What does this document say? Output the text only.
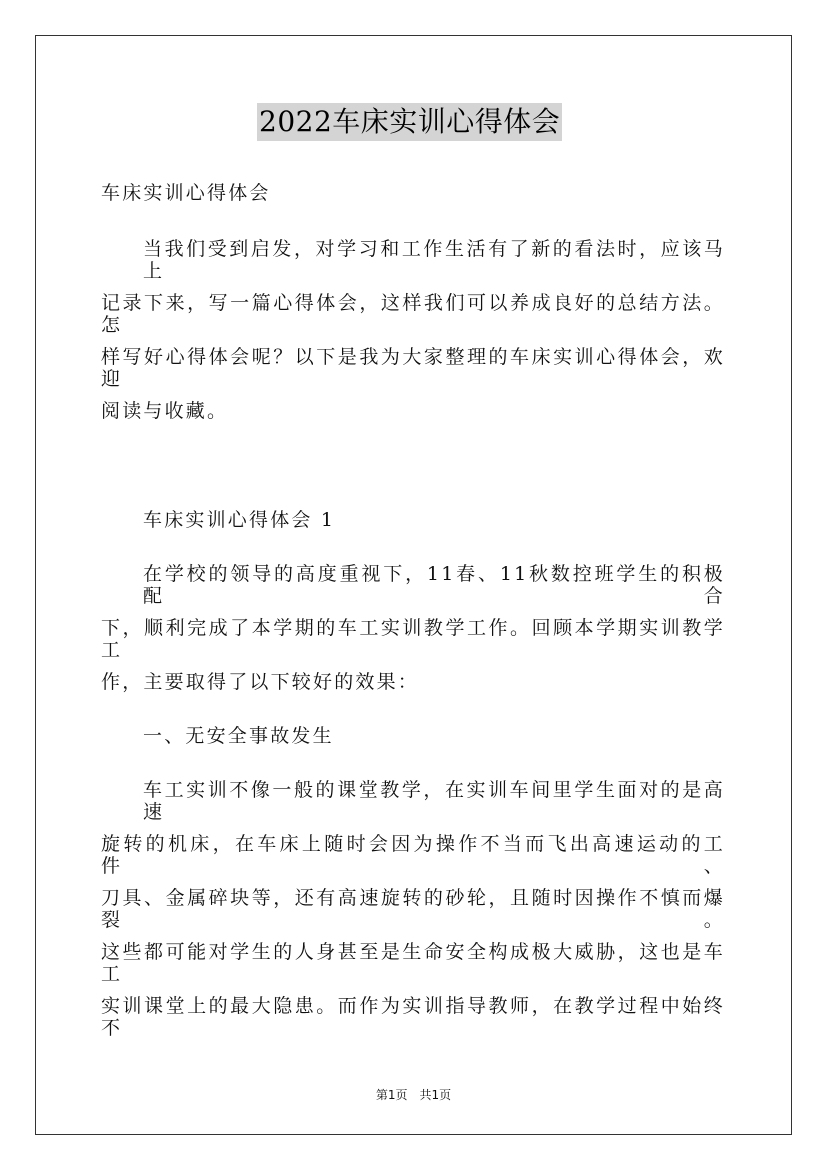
2022车床实训心得体会
车床实训心得体会
当我们受到启发，对学习和工作生活有了新的看法时，应该马上
记录下来，写一篇心得体会，这样我们可以养成良好的总结方法。怎
样写好心得体会呢？以下是我为大家整理的车床实训心得体会，欢迎
阅读与收藏。
车床实训心得体会 1
在学校的领导的高度重视下，11春、11秋数控班学生的积极配合
下，顺利完成了本学期的车工实训教学工作。回顾本学期实训教学工
作，主要取得了以下较好的效果：
一、无安全事故发生
车工实训不像一般的课堂教学，在实训车间里学生面对的是高速
旋转的机床，在车床上随时会因为操作不当而飞出高速运动的工件、
刀具、金属碎块等，还有高速旋转的砂轮，且随时因操作不慎而爆裂。
这些都可能对学生的人身甚至是生命安全构成极大威胁，这也是车工
实训课堂上的最大隐患。而作为实训指导教师，在教学过程中始终不
第1页　共1页
